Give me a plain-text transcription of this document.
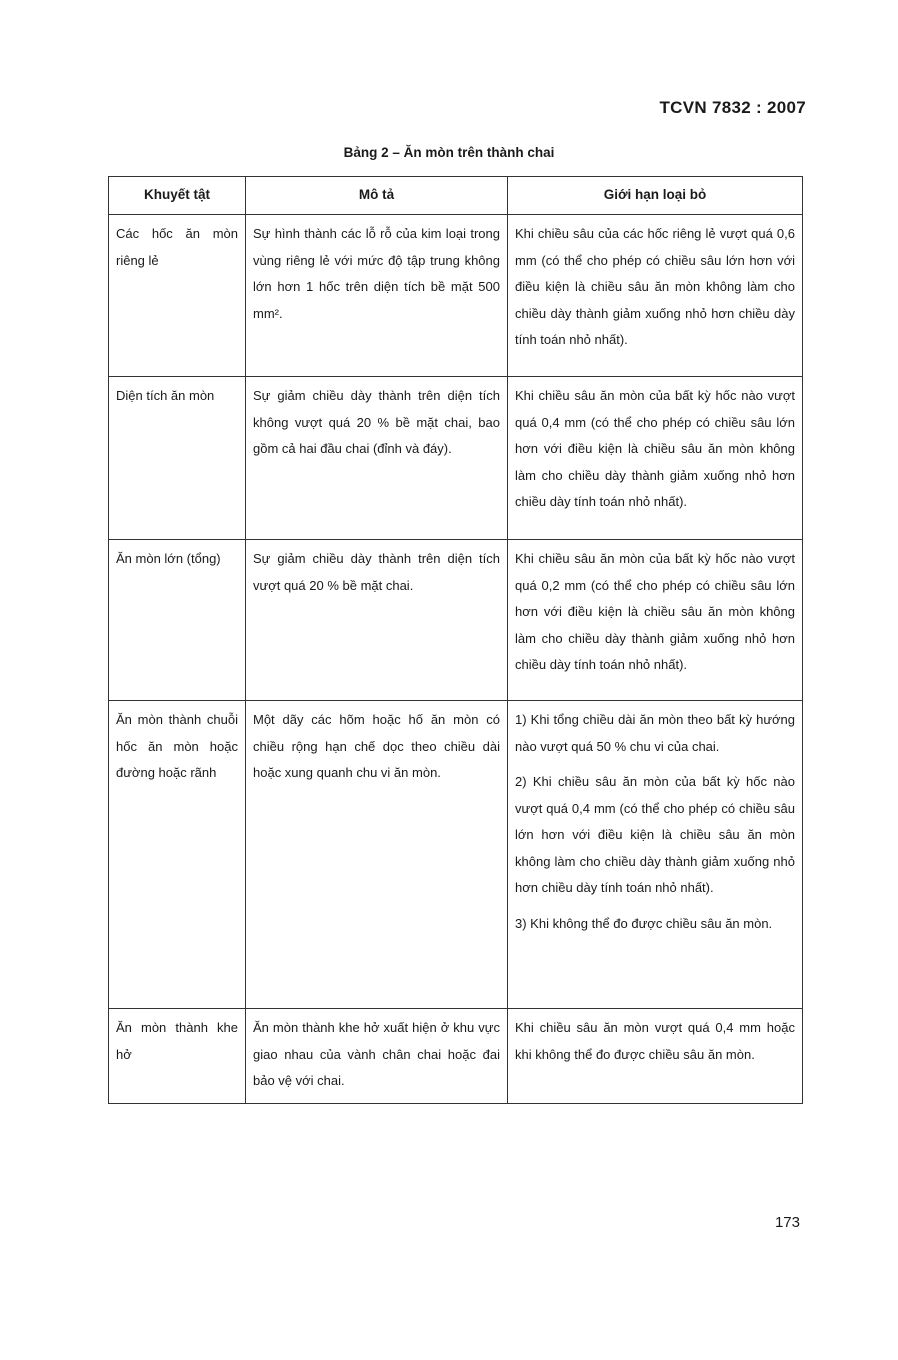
TCVN 7832 : 2007
Bảng 2 – Ăn mòn trên thành chai
Khuyết tật	Mô tả	Giới hạn loại bỏ
Các hốc ăn mòn riêng lẻ	Sự hình thành các lỗ rỗ của kim loại trong vùng riêng lẻ với mức độ tập trung không lớn hơn 1 hốc trên diện tích bề mặt 500 mm².	Khi chiều sâu của các hốc riêng lẻ vượt quá 0,6 mm (có thể cho phép có chiều sâu lớn hơn với điều kiện là chiều sâu ăn mòn không làm cho chiều dày thành giảm xuống nhỏ hơn chiều dày tính toán nhỏ nhất).

Diện tích ăn mòn	Sự giảm chiều dày thành trên diện tích không vượt quá 20 % bề mặt chai, bao gồm cả hai đầu chai (đỉnh và đáy).	Khi chiều sâu ăn mòn của bất kỳ hốc nào vượt quá 0,4 mm (có thể cho phép có chiều sâu lớn hơn với điều kiện là chiều sâu ăn mòn không làm cho chiều dày thành giảm xuống nhỏ hơn chiều dày tính toán nhỏ nhất).

Ăn mòn lớn (tổng)	Sự giảm chiều dày thành trên diện tích vượt quá 20 % bề mặt chai.	Khi chiều sâu ăn mòn của bất kỳ hốc nào vượt quá 0,2 mm (có thể cho phép có chiều sâu lớn hơn với điều kiện là chiều sâu ăn mòn không làm cho chiều dày thành giảm xuống nhỏ hơn chiều dày tính toán nhỏ nhất).

Ăn mòn thành chuỗi hốc ăn mòn hoặc đường hoặc rãnh	Một dãy các hõm hoặc hố ăn mòn có chiều rộng hạn chế dọc theo chiều dài hoặc xung quanh chu vi ăn mòn.	1) Khi tổng chiều dài ăn mòn theo bất kỳ hướng nào vượt quá 50 % chu vi của chai.

2) Khi chiều sâu ăn mòn của bất kỳ hốc nào vượt quá 0,4 mm (có thể cho phép có chiều sâu lớn hơn với điều kiện là chiều sâu ăn mòn không làm cho chiều dày thành giảm xuống nhỏ hơn chiều dày tính toán nhỏ nhất).

3) Khi không thể đo được chiều sâu ăn mòn.

Ăn mòn thành khe hở	Ăn mòn thành khe hở xuất hiện ở khu vực giao nhau của vành chân chai hoặc đai bảo vệ với chai.	Khi chiều sâu ăn mòn vượt quá 0,4 mm hoặc khi không thể đo được chiều sâu ăn mòn.

173
